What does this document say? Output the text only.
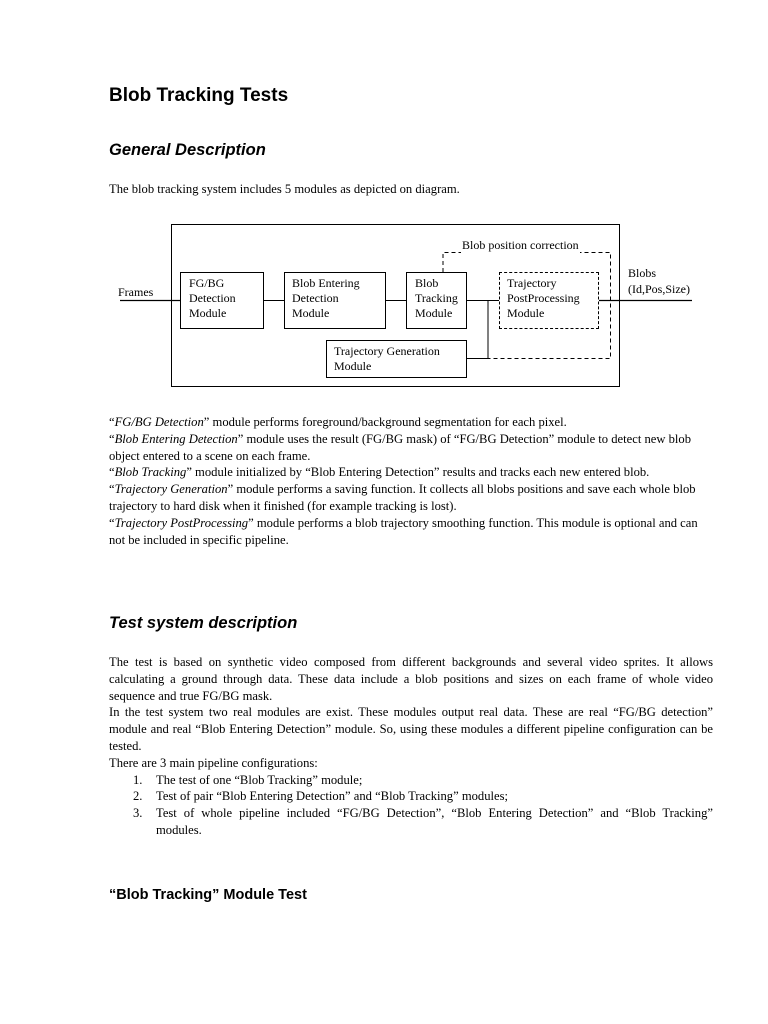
Blob Tracking Tests
General Description

The blob tracking system includes 5 modules as depicted on diagram.

Frames
Blobs
(Id,Pos,Size)
Blob position correction
FG/BG
Detection
Module
Blob Entering
Detection
Module
Blob
Tracking
Module
Trajectory
PostProcessing
Module
Trajectory Generation
Module
“FG/BG Detection” module performs foreground/background segmentation for each pixel.
“Blob Entering Detection” module uses the result (FG/BG mask) of “FG/BG Detection” module to detect new blob object entered to a scene on each frame.
“Blob Tracking” module initialized by “Blob Entering Detection” results and tracks each new entered blob.
“Trajectory Generation” module performs a saving function. It collects all blobs positions and save each whole blob trajectory to hard disk when it finished (for example tracking is lost).
“Trajectory PostProcessing” module performs a blob trajectory smoothing function. This module is optional and can not be included in specific pipeline.
Test system description

The test is based on synthetic video composed from different backgrounds and several video sprites. It allows calculating a ground through data. These data include a blob positions and sizes on each frame of whole video sequence and true FG/BG mask.

In the test system two real modules are exist. These modules output real data. These are real “FG/BG detection” module and real “Blob Entering Detection” module. So, using these modules a different pipeline configuration can be tested.

There are 3 main pipeline configurations:

1. The test of one “Blob Tracking” module;
2. Test of pair “Blob Entering Detection” and “Blob Tracking” modules;
3. Test of whole pipeline included “FG/BG Detection”, “Blob Entering Detection” and “Blob Tracking” modules.
“Blob Tracking” Module Test
